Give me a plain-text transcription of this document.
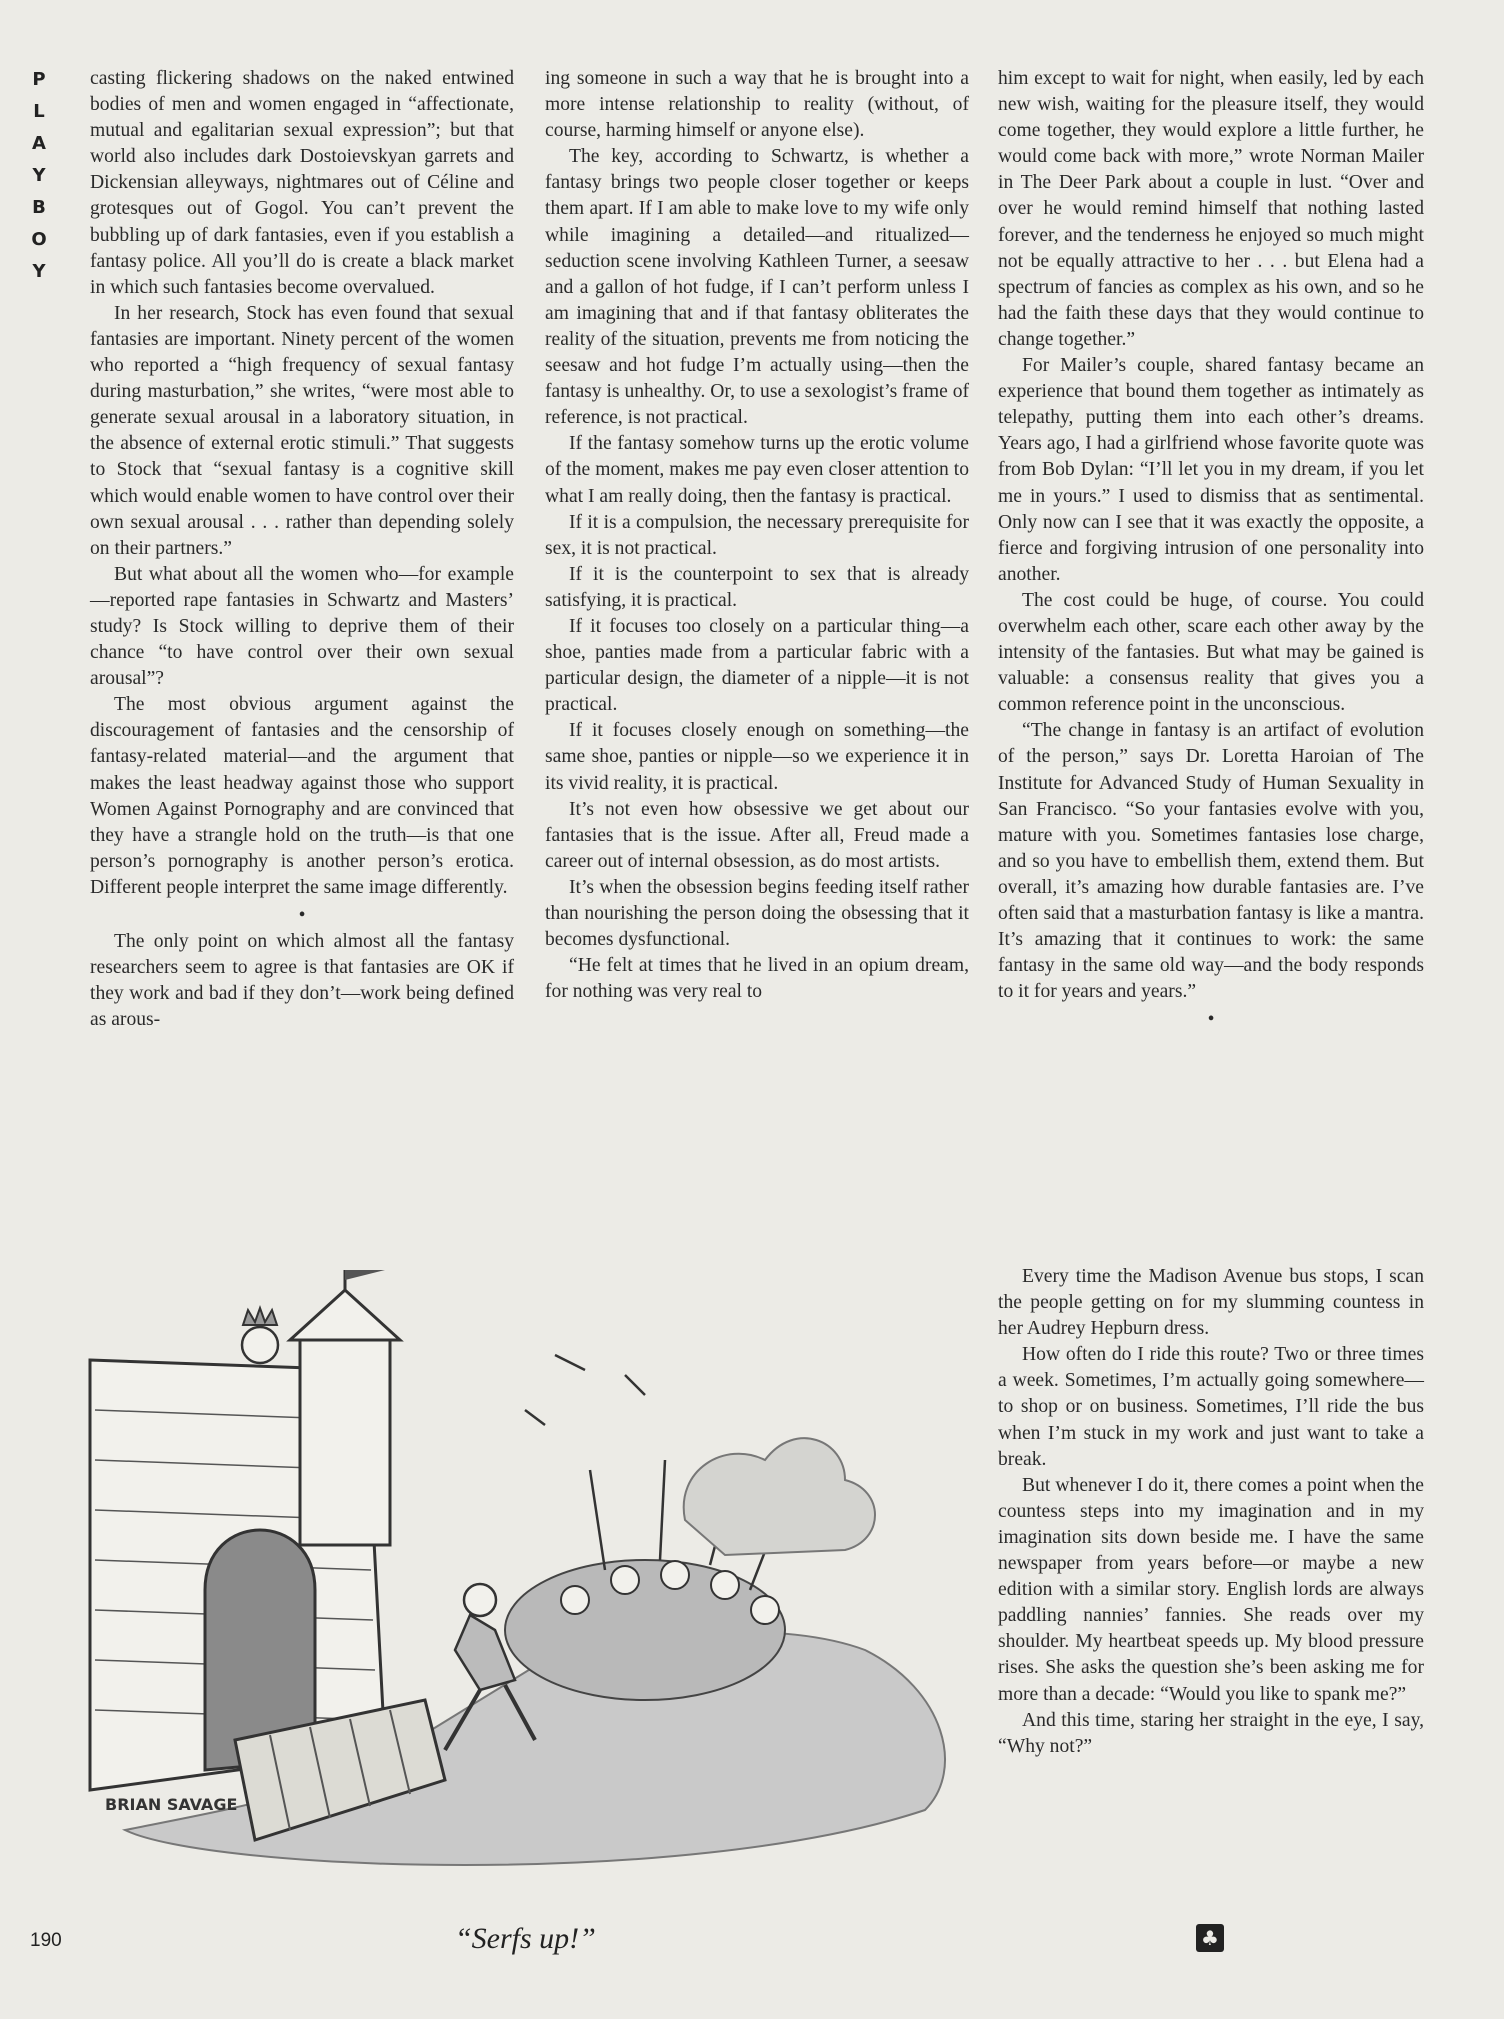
P
L
A
Y
B
O
Y

casting flickering shadows on the naked entwined bodies of men and women engaged in “affectionate, mutual and egalitarian sexual expression”; but that world also includes dark Dostoievskyan garrets and Dickensian alleyways, nightmares out of Céline and grotesques out of Gogol. You can’t prevent the bubbling up of dark fantasies, even if you establish a fantasy police. All you’ll do is create a black market in which such fantasies become overvalued.

In her research, Stock has even found that sexual fantasies are important. Ninety percent of the women who reported a “high frequency of sexual fantasy during masturbation,” she writes, “were most able to generate sexual arousal in a laboratory situation, in the absence of external erotic stimuli.” That suggests to Stock that “sexual fantasy is a cognitive skill which would enable women to have control over their own sexual arousal . . . rather than depending solely on their partners.”

But what about all the women who—for example—reported rape fantasies in Schwartz and Masters’ study? Is Stock willing to deprive them of their chance “to have control over their own sexual arousal”?

The most obvious argument against the discouragement of fantasies and the censorship of fantasy-related material—and the argument that makes the least headway against those who support Women Against Pornography and are convinced that they have a strangle hold on the truth—is that one person’s pornography is another person’s erotica. Different people interpret the same image differently.

•

The only point on which almost all the fantasy researchers seem to agree is that fantasies are OK if they work and bad if they don’t—work being defined as arous-

ing someone in such a way that he is brought into a more intense relationship to reality (without, of course, harming himself or anyone else).

The key, according to Schwartz, is whether a fantasy brings two people closer together or keeps them apart. If I am able to make love to my wife only while imagining a detailed—and ritualized—seduction scene involving Kathleen Turner, a seesaw and a gallon of hot fudge, if I can’t perform unless I am imagining that and if that fantasy obliterates the reality of the situation, prevents me from noticing the seesaw and hot fudge I’m actually using—then the fantasy is unhealthy. Or, to use a sexologist’s frame of reference, is not practical.

If the fantasy somehow turns up the erotic volume of the moment, makes me pay even closer attention to what I am really doing, then the fantasy is practical.

If it is a compulsion, the necessary prerequisite for sex, it is not practical.

If it is the counterpoint to sex that is already satisfying, it is practical.

If it focuses too closely on a particular thing—a shoe, panties made from a particular fabric with a particular design, the diameter of a nipple—it is not practical.

If it focuses closely enough on something—the same shoe, panties or nipple—so we experience it in its vivid reality, it is practical.

It’s not even how obsessive we get about our fantasies that is the issue. After all, Freud made a career out of internal obsession, as do most artists.

It’s when the obsession begins feeding itself rather than nourishing the person doing the obsessing that it becomes dysfunctional.

“He felt at times that he lived in an opium dream, for nothing was very real to

him except to wait for night, when easily, led by each new wish, waiting for the pleasure itself, they would come together, they would explore a little further, he would come back with more,” wrote Norman Mailer in The Deer Park about a couple in lust. “Over and over he would remind himself that nothing lasted forever, and the tenderness he enjoyed so much might not be equally attractive to her . . . but Elena had a spectrum of fancies as complex as his own, and so he had the faith these days that they would continue to change together.”

For Mailer’s couple, shared fantasy became an experience that bound them together as intimately as telepathy, putting them into each other’s dreams. Years ago, I had a girlfriend whose favorite quote was from Bob Dylan: “I’ll let you in my dream, if you let me in yours.” I used to dismiss that as sentimental. Only now can I see that it was exactly the opposite, a fierce and forgiving intrusion of one personality into another.

The cost could be huge, of course. You could overwhelm each other, scare each other away by the intensity of the fantasies. But what may be gained is valuable: a consensus reality that gives you a common reference point in the unconscious.

“The change in fantasy is an artifact of evolution of the person,” says Dr. Loretta Haroian of The Institute for Advanced Study of Human Sexuality in San Francisco. “So your fantasies evolve with you, mature with you. Sometimes fantasies lose charge, and so you have to embellish them, extend them. But overall, it’s amazing how durable fantasies are. I’ve often said that a masturbation fantasy is like a mantra. It’s amazing that it continues to work: the same fantasy in the same old way—and the body responds to it for years and years.”

•

Every time the Madison Avenue bus stops, I scan the people getting on for my slumming countess in her Audrey Hepburn dress.

How often do I ride this route? Two or three times a week. Sometimes, I’m actually going somewhere—to shop or on business. Sometimes, I’ll ride the bus when I’m stuck in my work and just want to take a break.

But whenever I do it, there comes a point when the countess steps into my imagination and in my imagination sits down beside me. I have the same newspaper from years before—or maybe a new edition with a similar story. English lords are always paddling nannies’ fannies. She reads over my shoulder. My heartbeat speeds up. My blood pressure rises. She asks the question she’s been asking me for more than a decade: “Would you like to spank me?”

And this time, staring her straight in the eye, I say, “Why not?”

BRIAN SAVAGE
“Serfs up!”
190	♣
